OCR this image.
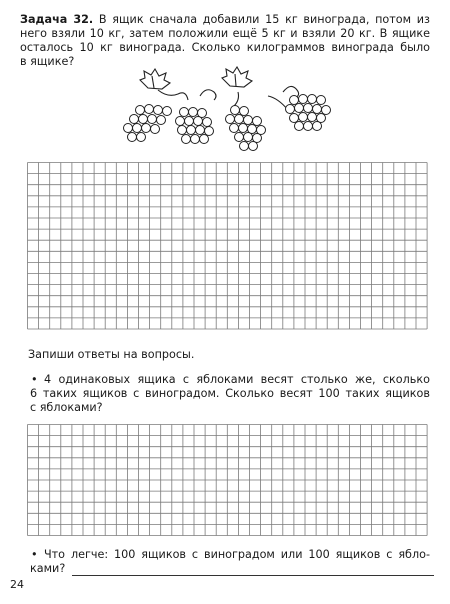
Задача 32. В ящик сначала добавили 15 кг винограда, потом из
него взяли 10 кг, затем положили ещё 5 кг и взяли 20 кг. В ящике
осталось 10 кг винограда. Сколько килограммов винограда было
в ящике?
Запиши ответы на вопросы.
• 4 одинаковых ящика с яблоками весят столько же, сколько
6 таких ящиков с виноградом. Сколько весят 100 таких ящиков
с яблоками?
• Что легче: 100 ящиков с виноградом или 100 ящиков с ябло-
ками?
24
